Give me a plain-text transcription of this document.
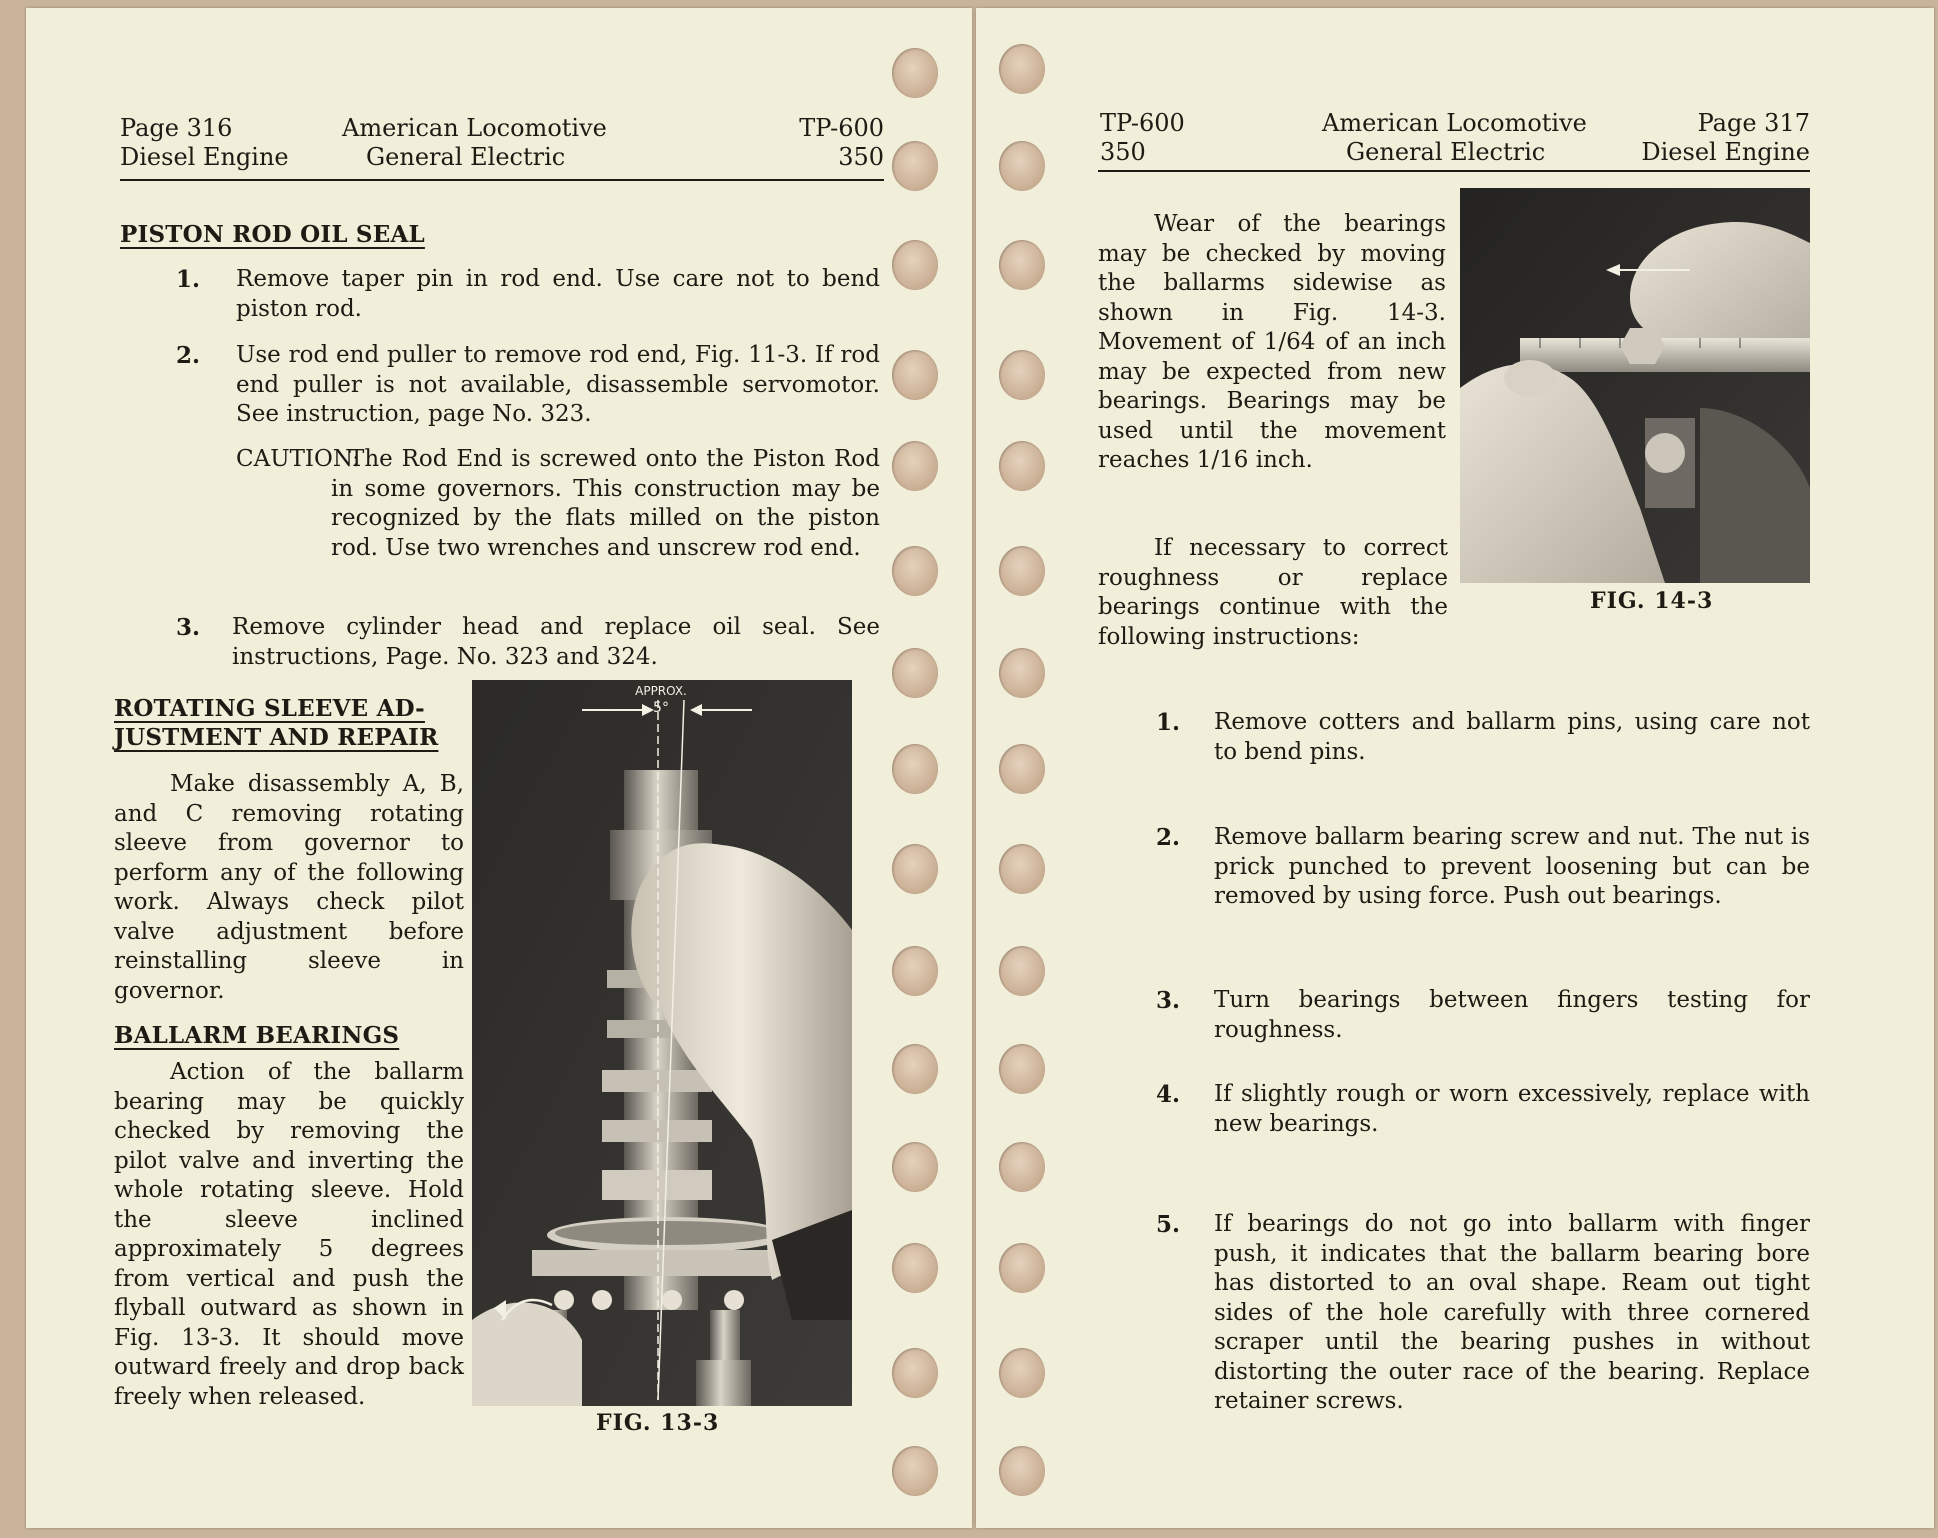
Page 316
Diesel Engine
American Locomotive
General Electric
TP-600
350
PISTON ROD OIL SEAL
1. Remove taper pin in rod end. Use care not to bend piston rod.
2. Use rod end puller to remove rod end, Fig. 11-3. If rod end puller is not available, disassemble servomotor. See instruction, page No. 323.
CAUTION:
The Rod End is screwed onto the Piston Rod in some governors. This construction may be recognized by the flats milled on the piston rod. Use two wrenches and unscrew rod end.
3. Remove cylinder head and replace oil seal. See instructions, Page. No. 323 and 324.
ROTATING SLEEVE AD-
JUSTMENT AND REPAIR
Make disassembly A, B, and C removing rotating sleeve from governor to perform any of the following work. Always check pilot valve adjustment before reinstalling sleeve in governor.
BALLARM BEARINGS
Action of the ballarm bearing may be quickly checked by removing the pilot valve and inverting the whole rotating sleeve. Hold the sleeve inclined approximately 5 degrees from vertical and push the flyball outward as shown in Fig. 13-3. It should move outward freely and drop back freely when released.
APPROX.
5°
FIG. 13-3
TP-600
350
American Locomotive
General Electric
Page 317
Diesel Engine
Wear of the bearings may be checked by moving the ballarms sidewise as shown in Fig. 14-3. Movement of 1/64 of an inch may be expected from new bearings. Bearings may be used until the movement reaches 1/16 inch.
If necessary to correct roughness or replace bearings continue with the following instructions:
FIG. 14-3
1. Remove cotters and ballarm pins, using care not to bend pins.
2. Remove ballarm bearing screw and nut. The nut is prick punched to prevent loosening but can be removed by using force. Push out bearings.
3. Turn bearings between fingers testing for roughness.
4. If slightly rough or worn excessively, replace with new bearings.
5. If bearings do not go into ballarm with finger push, it indicates that the ballarm bearing bore has distorted to an oval shape. Ream out tight sides of the hole carefully with three cornered scraper until the bearing pushes in without distorting the outer race of the bearing. Replace retainer screws.
